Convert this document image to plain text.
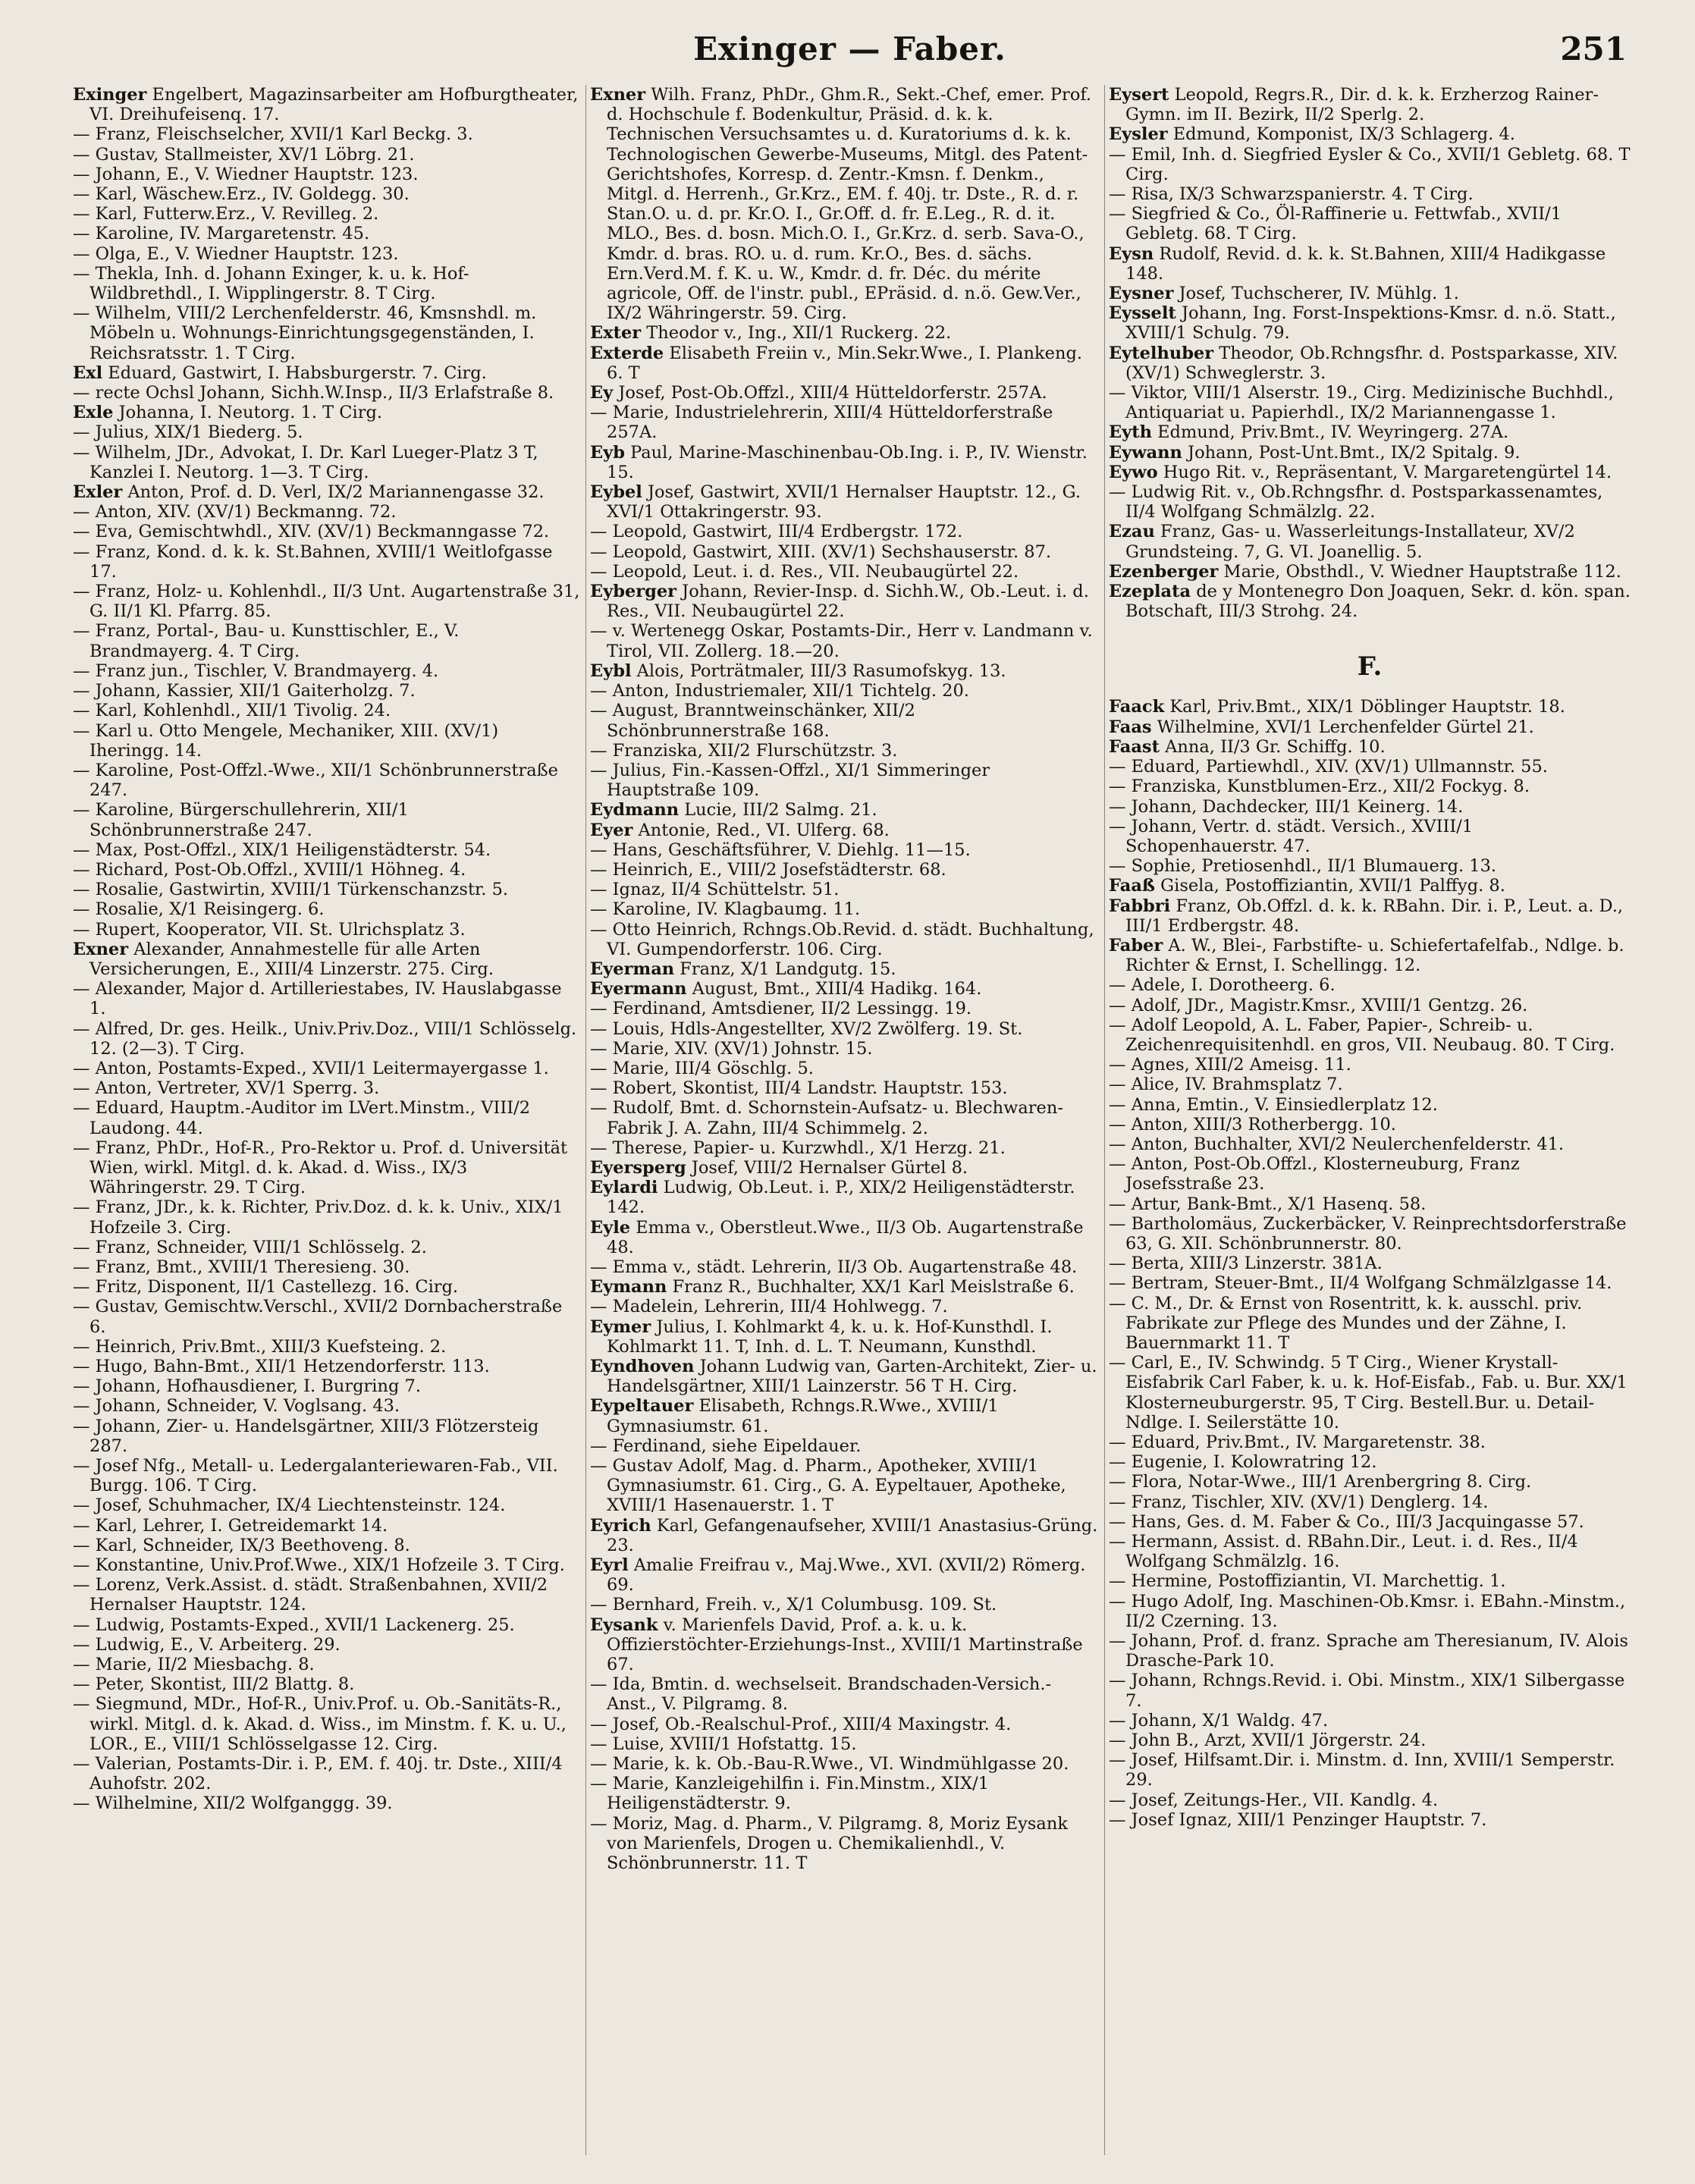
Exinger — Faber.	251

Exinger Engelbert, Magazinsarbeiter am Hofburgtheater, VI. Dreihufeisenq. 17.

— Franz, Fleischselcher, XVII/1 Karl Beckg. 3.

— Gustav, Stallmeister, XV/1 Löbrg. 21.

— Johann, E., V. Wiedner Hauptstr. 123.

— Karl, Wäschew.Erz., IV. Goldegg. 30.

— Karl, Futterw.Erz., V. Revilleg. 2.

— Karoline, IV. Margaretenstr. 45.

— Olga, E., V. Wiedner Hauptstr. 123.

— Thekla, Inh. d. Johann Exinger, k. u. k. Hof-Wildbrethdl., I. Wipplingerstr. 8. T Cirg.

— Wilhelm, VIII/2 Lerchenfelderstr. 46, Kmsnshdl. m. Möbeln u. Wohnungs-Einrichtungsgegenständen, I. Reichsratsstr. 1. T Cirg.

Exl Eduard, Gastwirt, I. Habsburgerstr. 7. Cirg.

— recte Ochsl Johann, Sichh.W.Insp., II/3 Erlafstraße 8.

Exle Johanna, I. Neutorg. 1. T Cirg.

— Julius, XIX/1 Biederg. 5.

— Wilhelm, JDr., Advokat, I. Dr. Karl Lueger-Platz 3 T, Kanzlei I. Neutorg. 1—3. T Cirg.

Exler Anton, Prof. d. D. Verl, IX/2 Mariannengasse 32.

— Anton, XIV. (XV/1) Beckmanng. 72.

— Eva, Gemischtwhdl., XIV. (XV/1) Beckmanngasse 72.

— Franz, Kond. d. k. k. St.Bahnen, XVIII/1 Weitlofgasse 17.

— Franz, Holz- u. Kohlenhdl., II/3 Unt. Augartenstraße 31, G. II/1 Kl. Pfarrg. 85.

— Franz, Portal-, Bau- u. Kunsttischler, E., V. Brandmayerg. 4. T Cirg.

— Franz jun., Tischler, V. Brandmayerg. 4.

— Johann, Kassier, XII/1 Gaiterholzg. 7.

— Karl, Kohlenhdl., XII/1 Tivolig. 24.

— Karl u. Otto Mengele, Mechaniker, XIII. (XV/1) Iheringg. 14.

— Karoline, Post-Offzl.-Wwe., XII/1 Schönbrunnerstraße 247.

— Karoline, Bürgerschullehrerin, XII/1 Schönbrunnerstraße 247.

— Max, Post-Offzl., XIX/1 Heiligenstädterstr. 54.

— Richard, Post-Ob.Offzl., XVIII/1 Höhneg. 4.

— Rosalie, Gastwirtin, XVIII/1 Türkenschanzstr. 5.

— Rosalie, X/1 Reisingerg. 6.

— Rupert, Kooperator, VII. St. Ulrichsplatz 3.

Exner Alexander, Annahmestelle für alle Arten Versicherungen, E., XIII/4 Linzerstr. 275. Cirg.

— Alexander, Major d. Artilleriestabes, IV. Hauslabgasse 1.

— Alfred, Dr. ges. Heilk., Univ.Priv.Doz., VIII/1 Schlösselg. 12. (2—3). T Cirg.

— Anton, Postamts-Exped., XVII/1 Leitermayergasse 1.

— Anton, Vertreter, XV/1 Sperrg. 3.

— Eduard, Hauptm.-Auditor im LVert.Minstm., VIII/2 Laudong. 44.

— Franz, PhDr., Hof-R., Pro-Rektor u. Prof. d. Universität Wien, wirkl. Mitgl. d. k. Akad. d. Wiss., IX/3 Währingerstr. 29. T Cirg.

— Franz, JDr., k. k. Richter, Priv.Doz. d. k. k. Univ., XIX/1 Hofzeile 3. Cirg.

— Franz, Schneider, VIII/1 Schlösselg. 2.

— Franz, Bmt., XVIII/1 Theresieng. 30.

— Fritz, Disponent, II/1 Castellezg. 16. Cirg.

— Gustav, Gemischtw.Verschl., XVII/2 Dornbacherstraße 6.

— Heinrich, Priv.Bmt., XIII/3 Kuefsteing. 2.

— Hugo, Bahn-Bmt., XII/1 Hetzendorferstr. 113.

— Johann, Hofhausdiener, I. Burgring 7.

— Johann, Schneider, V. Voglsang. 43.

— Johann, Zier- u. Handelsgärtner, XIII/3 Flötzersteig 287.

— Josef Nfg., Metall- u. Ledergalanteriewaren-Fab., VII. Burgg. 106. T Cirg.

— Josef, Schuhmacher, IX/4 Liechtensteinstr. 124.

— Karl, Lehrer, I. Getreidemarkt 14.

— Karl, Schneider, IX/3 Beethoveng. 8.

— Konstantine, Univ.Prof.Wwe., XIX/1 Hofzeile 3. T Cirg.

— Lorenz, Verk.Assist. d. städt. Straßenbahnen, XVII/2 Hernalser Hauptstr. 124.

— Ludwig, Postamts-Exped., XVII/1 Lackenerg. 25.

— Ludwig, E., V. Arbeiterg. 29.

— Marie, II/2 Miesbachg. 8.

— Peter, Skontist, III/2 Blattg. 8.

— Siegmund, MDr., Hof-R., Univ.Prof. u. Ob.-Sanitäts-R., wirkl. Mitgl. d. k. Akad. d. Wiss., im Minstm. f. K. u. U., LOR., E., VIII/1 Schlösselgasse 12. Cirg.

— Valerian, Postamts-Dir. i. P., EM. f. 40j. tr. Dste., XIII/4 Auhofstr. 202.

— Wilhelmine, XII/2 Wolfganggg. 39.

Exner Wilh. Franz, PhDr., Ghm.R., Sekt.-Chef, emer. Prof. d. Hochschule f. Bodenkultur, Präsid. d. k. k. Technischen Versuchsamtes u. d. Kuratoriums d. k. k. Technologischen Gewerbe-Museums, Mitgl. des Patent-Gerichtshofes, Korresp. d. Zentr.-Kmsn. f. Denkm., Mitgl. d. Herrenh., Gr.Krz., EM. f. 40j. tr. Dste., R. d. r. Stan.O. u. d. pr. Kr.O. I., Gr.Off. d. fr. E.Leg., R. d. it. MLO., Bes. d. bosn. Mich.O. I., Gr.Krz. d. serb. Sava-O., Kmdr. d. bras. RO. u. d. rum. Kr.O., Bes. d. sächs. Ern.Verd.M. f. K. u. W., Kmdr. d. fr. Déc. du mérite agricole, Off. de l'instr. publ., EPräsid. d. n.ö. Gew.Ver., IX/2 Währingerstr. 59. Cirg.

Exter Theodor v., Ing., XII/1 Ruckerg. 22.

Exterde Elisabeth Freiin v., Min.Sekr.Wwe., I. Plankeng. 6. T

Ey Josef, Post-Ob.Offzl., XIII/4 Hütteldorferstr. 257A.

— Marie, Industrielehrerin, XIII/4 Hütteldorferstraße 257A.

Eyb Paul, Marine-Maschinenbau-Ob.Ing. i. P., IV. Wienstr. 15.

Eybel Josef, Gastwirt, XVII/1 Hernalser Hauptstr. 12., G. XVI/1 Ottakringerstr. 93.

— Leopold, Gastwirt, III/4 Erdbergstr. 172.

— Leopold, Gastwirt, XIII. (XV/1) Sechshauserstr. 87.

— Leopold, Leut. i. d. Res., VII. Neubaugürtel 22.

Eyberger Johann, Revier-Insp. d. Sichh.W., Ob.-Leut. i. d. Res., VII. Neubaugürtel 22.

— v. Wertenegg Oskar, Postamts-Dir., Herr v. Landmann v. Tirol, VII. Zollerg. 18.—20.

Eybl Alois, Porträtmaler, III/3 Rasumofskyg. 13.

— Anton, Industriemaler, XII/1 Tichtelg. 20.

— August, Branntweinschänker, XII/2 Schönbrunnerstraße 168.

— Franziska, XII/2 Flurschützstr. 3.

— Julius, Fin.-Kassen-Offzl., XI/1 Simmeringer Hauptstraße 109.

Eydmann Lucie, III/2 Salmg. 21.

Eyer Antonie, Red., VI. Ulferg. 68.

— Hans, Geschäftsführer, V. Diehlg. 11—15.

— Heinrich, E., VIII/2 Josefstädterstr. 68.

— Ignaz, II/4 Schüttelstr. 51.

— Karoline, IV. Klagbaumg. 11.

— Otto Heinrich, Rchngs.Ob.Revid. d. städt. Buchhaltung, VI. Gumpendorferstr. 106. Cirg.

Eyerman Franz, X/1 Landgutg. 15.

Eyermann August, Bmt., XIII/4 Hadikg. 164.

— Ferdinand, Amtsdiener, II/2 Lessingg. 19.

— Louis, Hdls-Angestellter, XV/2 Zwölferg. 19. St.

— Marie, XIV. (XV/1) Johnstr. 15.

— Marie, III/4 Göschlg. 5.

— Robert, Skontist, III/4 Landstr. Hauptstr. 153.

— Rudolf, Bmt. d. Schornstein-Aufsatz- u. Blechwaren-Fabrik J. A. Zahn, III/4 Schimmelg. 2.

— Therese, Papier- u. Kurzwhdl., X/1 Herzg. 21.

Eyersperg Josef, VIII/2 Hernalser Gürtel 8.

Eylardi Ludwig, Ob.Leut. i. P., XIX/2 Heiligenstädterstr. 142.

Eyle Emma v., Oberstleut.Wwe., II/3 Ob. Augartenstraße 48.

— Emma v., städt. Lehrerin, II/3 Ob. Augartenstraße 48.

Eymann Franz R., Buchhalter, XX/1 Karl Meislstraße 6.

— Madelein, Lehrerin, III/4 Hohlwegg. 7.

Eymer Julius, I. Kohlmarkt 4, k. u. k. Hof-Kunsthdl. I. Kohlmarkt 11. T, Inh. d. L. T. Neumann, Kunsthdl.

Eyndhoven Johann Ludwig van, Garten-Architekt, Zier- u. Handelsgärtner, XIII/1 Lainzerstr. 56 T H. Cirg.

Eypeltauer Elisabeth, Rchngs.R.Wwe., XVIII/1 Gymnasiumstr. 61.

— Ferdinand, siehe Eipeldauer.

— Gustav Adolf, Mag. d. Pharm., Apotheker, XVIII/1 Gymnasiumstr. 61. Cirg., G. A. Eypeltauer, Apotheke, XVIII/1 Hasenauerstr. 1. T

Eyrich Karl, Gefangenaufseher, XVIII/1 Anastasius-Grüng. 23.

Eyrl Amalie Freifrau v., Maj.Wwe., XVI. (XVII/2) Römerg. 69.

— Bernhard, Freih. v., X/1 Columbusg. 109. St.

Eysank v. Marienfels David, Prof. a. k. u. k. Offizierstöchter-Erziehungs-Inst., XVIII/1 Martinstraße 67.

— Ida, Bmtin. d. wechselseit. Brandschaden-Versich.-Anst., V. Pilgramg. 8.

— Josef, Ob.-Realschul-Prof., XIII/4 Maxingstr. 4.

— Luise, XVIII/1 Hofstattg. 15.

— Marie, k. k. Ob.-Bau-R.Wwe., VI. Windmühlgasse 20.

— Marie, Kanzleigehilfin i. Fin.Minstm., XIX/1 Heiligenstädterstr. 9.

— Moriz, Mag. d. Pharm., V. Pilgramg. 8, Moriz Eysank von Marienfels, Drogen u. Chemikalienhdl., V. Schönbrunnerstr. 11. T

Eysert Leopold, Regrs.R., Dir. d. k. k. Erzherzog Rainer-Gymn. im II. Bezirk, II/2 Sperlg. 2.

Eysler Edmund, Komponist, IX/3 Schlagerg. 4.

— Emil, Inh. d. Siegfried Eysler & Co., XVII/1 Gebletg. 68. T Cirg.

— Risa, IX/3 Schwarzspanierstr. 4. T Cirg.

— Siegfried & Co., Öl-Raffinerie u. Fettwfab., XVII/1 Gebletg. 68. T Cirg.

Eysn Rudolf, Revid. d. k. k. St.Bahnen, XIII/4 Hadikgasse 148.

Eysner Josef, Tuchscherer, IV. Mühlg. 1.

Eysselt Johann, Ing. Forst-Inspektions-Kmsr. d. n.ö. Statt., XVIII/1 Schulg. 79.

Eytelhuber Theodor, Ob.Rchngsfhr. d. Postsparkasse, XIV. (XV/1) Schweglerstr. 3.

— Viktor, VIII/1 Alserstr. 19., Cirg. Medizinische Buchhdl., Antiquariat u. Papierhdl., IX/2 Mariannengasse 1.

Eyth Edmund, Priv.Bmt., IV. Weyringerg. 27A.

Eywann Johann, Post-Unt.Bmt., IX/2 Spitalg. 9.

Eywo Hugo Rit. v., Repräsentant, V. Margaretengürtel 14.

— Ludwig Rit. v., Ob.Rchngsfhr. d. Postsparkassenamtes, II/4 Wolfgang Schmälzlg. 22.

Ezau Franz, Gas- u. Wasserleitungs-Installateur, XV/2 Grundsteing. 7, G. VI. Joanellig. 5.

Ezenberger Marie, Obsthdl., V. Wiedner Hauptstraße 112.

Ezeplata de y Montenegro Don Joaquen, Sekr. d. kön. span. Botschaft, III/3 Strohg. 24.

F.

Faack Karl, Priv.Bmt., XIX/1 Döblinger Hauptstr. 18.

Faas Wilhelmine, XVI/1 Lerchenfelder Gürtel 21.

Faast Anna, II/3 Gr. Schiffg. 10.

— Eduard, Partiewhdl., XIV. (XV/1) Ullmannstr. 55.

— Franziska, Kunstblumen-Erz., XII/2 Fockyg. 8.

— Johann, Dachdecker, III/1 Keinerg. 14.

— Johann, Vertr. d. städt. Versich., XVIII/1 Schopenhauerstr. 47.

— Sophie, Pretiosenhdl., II/1 Blumauerg. 13.

Faaß Gisela, Postoffiziantin, XVII/1 Palffyg. 8.

Fabbri Franz, Ob.Offzl. d. k. k. RBahn. Dir. i. P., Leut. a. D., III/1 Erdbergstr. 48.

Faber A. W., Blei-, Farbstifte- u. Schiefertafelfab., Ndlge. b. Richter & Ernst, I. Schellingg. 12.

— Adele, I. Dorotheerg. 6.

— Adolf, JDr., Magistr.Kmsr., XVIII/1 Gentzg. 26.

— Adolf Leopold, A. L. Faber, Papier-, Schreib- u. Zeichenrequisitenhdl. en gros, VII. Neubaug. 80. T Cirg.

— Agnes, XIII/2 Ameisg. 11.

— Alice, IV. Brahmsplatz 7.

— Anna, Emtin., V. Einsiedlerplatz 12.

— Anton, XIII/3 Rotherbergg. 10.

— Anton, Buchhalter, XVI/2 Neulerchenfelderstr. 41.

— Anton, Post-Ob.Offzl., Klosterneuburg, Franz Josefsstraße 23.

— Artur, Bank-Bmt., X/1 Hasenq. 58.

— Bartholomäus, Zuckerbäcker, V. Reinprechtsdorferstraße 63, G. XII. Schönbrunnerstr. 80.

— Berta, XIII/3 Linzerstr. 381A.

— Bertram, Steuer-Bmt., II/4 Wolfgang Schmälzlgasse 14.

— C. M., Dr. & Ernst von Rosentritt, k. k. ausschl. priv. Fabrikate zur Pflege des Mundes und der Zähne, I. Bauernmarkt 11. T

— Carl, E., IV. Schwindg. 5 T Cirg., Wiener Krystall-Eisfabrik Carl Faber, k. u. k. Hof-Eisfab., Fab. u. Bur. XX/1 Klosterneuburgerstr. 95, T Cirg. Bestell.Bur. u. Detail-Ndlge. I. Seilerstätte 10.

— Eduard, Priv.Bmt., IV. Margaretenstr. 38.

— Eugenie, I. Kolowratring 12.

— Flora, Notar-Wwe., III/1 Arenbergring 8. Cirg.

— Franz, Tischler, XIV. (XV/1) Denglerg. 14.

— Hans, Ges. d. M. Faber & Co., III/3 Jacquingasse 57.

— Hermann, Assist. d. RBahn.Dir., Leut. i. d. Res., II/4 Wolfgang Schmälzlg. 16.

— Hermine, Postoffiziantin, VI. Marchettig. 1.

— Hugo Adolf, Ing. Maschinen-Ob.Kmsr. i. EBahn.-Minstm., II/2 Czerning. 13.

— Johann, Prof. d. franz. Sprache am Theresianum, IV. Alois Drasche-Park 10.

— Johann, Rchngs.Revid. i. Obi. Minstm., XIX/1 Silbergasse 7.

— Johann, X/1 Waldg. 47.

— John B., Arzt, XVII/1 Jörgerstr. 24.

— Josef, Hilfsamt.Dir. i. Minstm. d. Inn, XVIII/1 Semperstr. 29.

— Josef, Zeitungs-Her., VII. Kandlg. 4.

— Josef Ignaz, XIII/1 Penzinger Hauptstr. 7.
